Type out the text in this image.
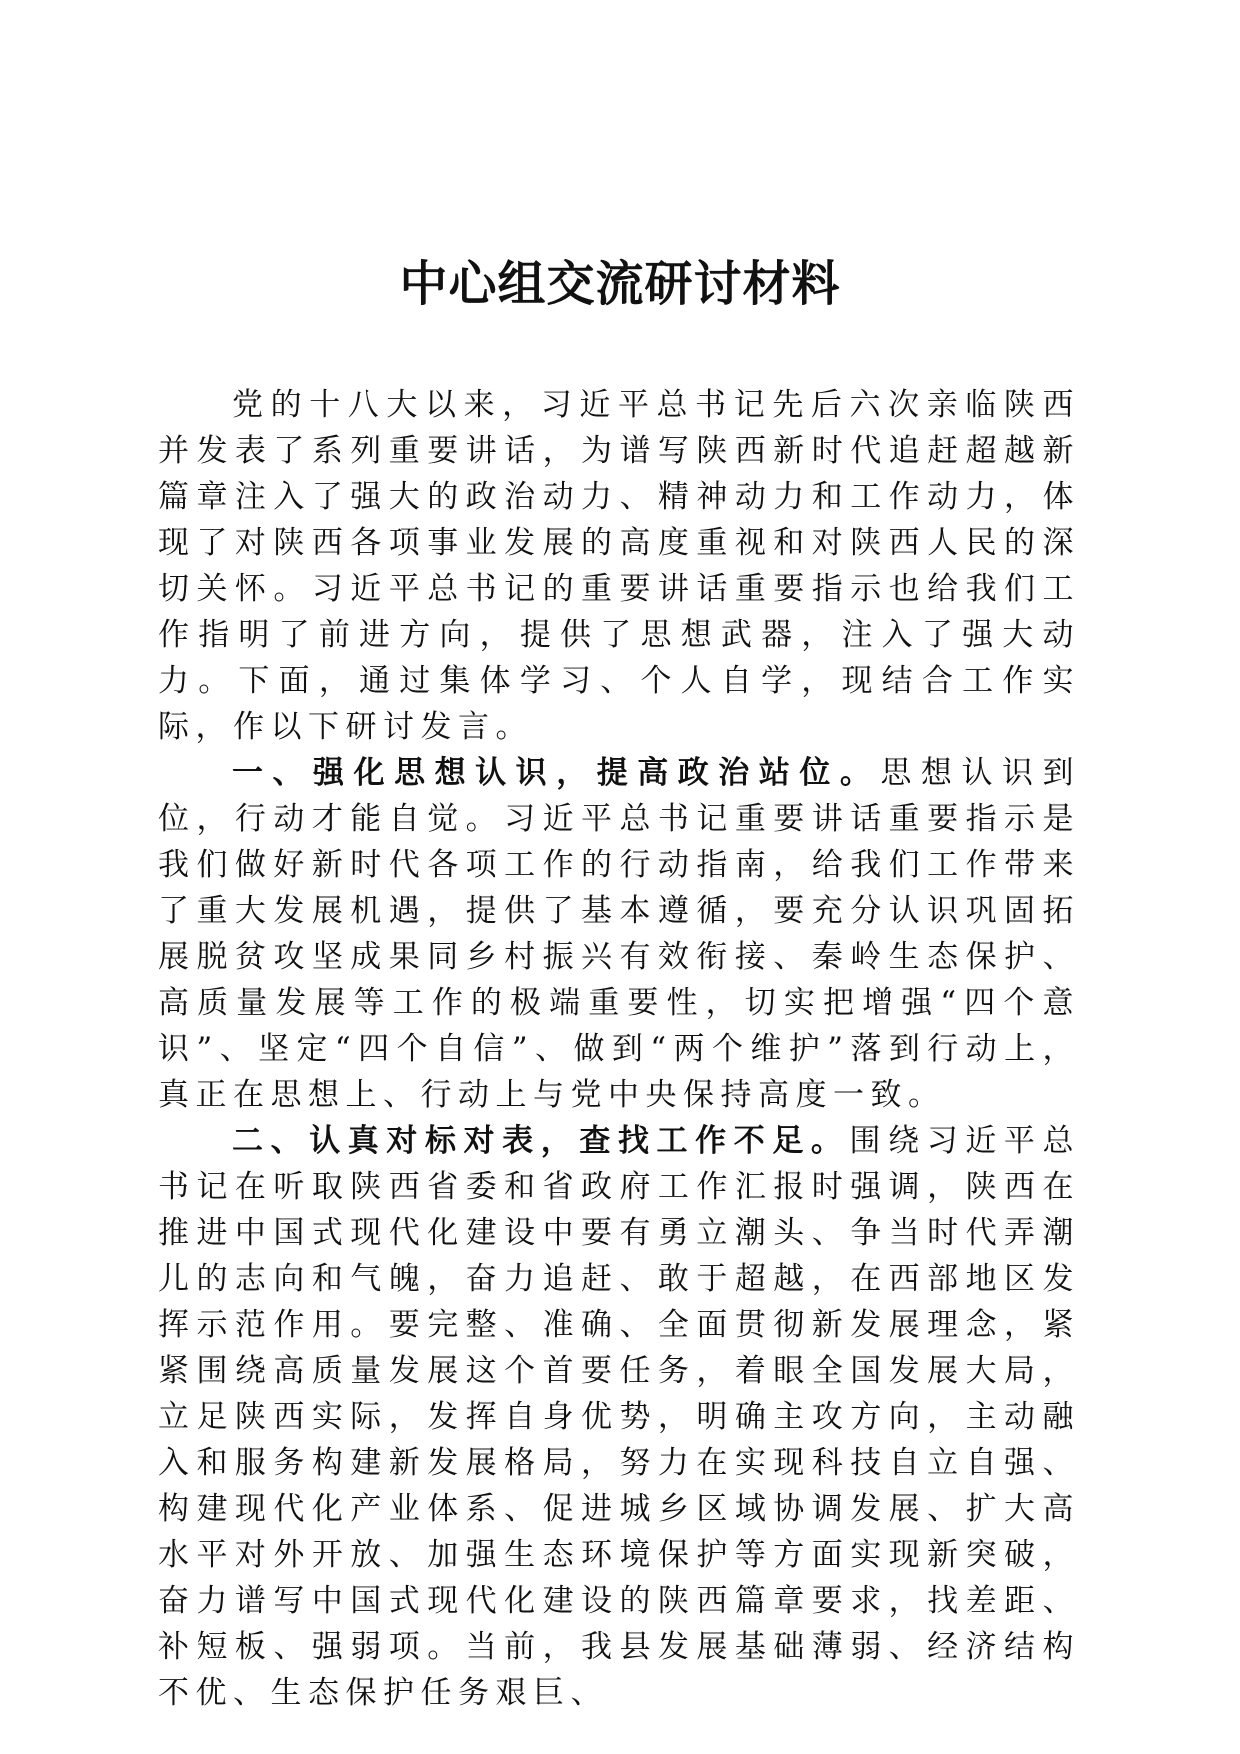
中心组交流研讨材料

党的十八大以来，习近平总书记先后六次亲临陕西并发表了系列重要讲话，为谱写陕西新时代追赶超越新篇章注入了强大的政治动力、精神动力和工作动力，体现了对陕西各项事业发展的高度重视和对陕西人民的深切关怀。习近平总书记的重要讲话重要指示也给我们工作指明了前进方向，提供了思想武器，注入了强大动力。下面，通过集体学习、个人自学，现结合工作实际，作以下研讨发言。

一、强化思想认识，提高政治站位。思想认识到位，行动才能自觉。习近平总书记重要讲话重要指示是我们做好新时代各项工作的行动指南，给我们工作带来了重大发展机遇，提供了基本遵循，要充分认识巩固拓展脱贫攻坚成果同乡村振兴有效衔接、秦岭生态保护、高质量发展等工作的极端重要性，切实把增强“四个意识”、坚定“四个自信”、做到“两个维护”落到行动上，真正在思想上、行动上与党中央保持高度一致。

二、认真对标对表，查找工作不足。围绕习近平总书记在听取陕西省委和省政府工作汇报时强调，陕西在推进中国式现代化建设中要有勇立潮头、争当时代弄潮儿的志向和气魄，奋力追赶、敢于超越，在西部地区发挥示范作用。要完整、准确、全面贯彻新发展理念，紧紧围绕高质量发展这个首要任务，着眼全国发展大局，立足陕西实际，发挥自身优势，明确主攻方向，主动融入和服务构建新发展格局，努力在实现科技自立自强、构建现代化产业体系、促进城乡区域协调发展、扩大高水平对外开放、加强生态环境保护等方面实现新突破，奋力谱写中国式现代化建设的陕西篇章要求，找差距、补短板、强弱项。当前，我县发展基础薄弱、经济结构不优、生态保护任务艰巨、
